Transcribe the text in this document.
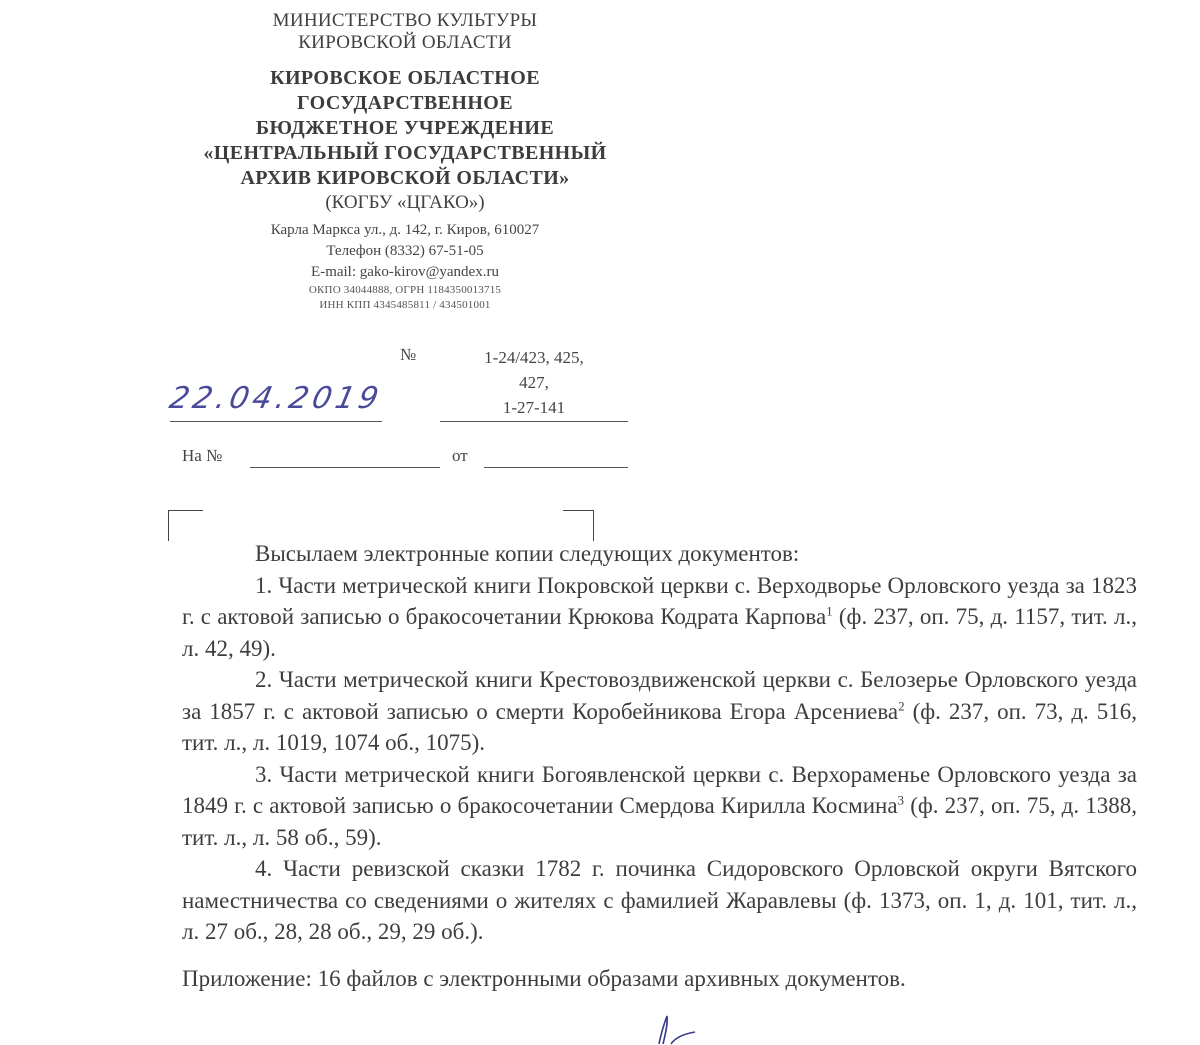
МИНИСТЕРСТВО КУЛЬТУРЫ
КИРОВСКОЙ ОБЛАСТИ
КИРОВСКОЕ ОБЛАСТНОЕ
ГОСУДАРСТВЕННОЕ
БЮДЖЕТНОЕ УЧРЕЖДЕНИЕ
«ЦЕНТРАЛЬНЫЙ ГОСУДАРСТВЕННЫЙ
АРХИВ КИРОВСКОЙ ОБЛАСТИ»
(КОГБУ «ЦГАКО»)
Карла Маркса ул., д. 142, г. Киров, 610027
Телефон (8332) 67-51-05
E-mail: gako-kirov@yandex.ru
ОКПО 34044888, ОГРН 1184350013715
ИНН КПП 4345485811 / 434501001
№	1-24/423, 425,
427,
1-27-141
22.04.2019
На №	от

Высылаем электронные копии следующих документов:

1. Части метрической книги Покровской церкви с. Верходворье Орловского уезда за 1823 г. с актовой записью о бракосочетании Крюкова Кодрата Карпова$^1$ (ф. 237, оп. 75, д. 1157, тит. л., л. 42, 49).

2. Части метрической книги Крестовоздвиженской церкви с. Белозерье Орловского уезда за 1857 г. с актовой записью о смерти Коробейникова Егора Арсениева$^2$ (ф. 237, оп. 73, д. 516, тит. л., л. 1019, 1074 об., 1075).

3. Части метрической книги Богоявленской церкви с. Верхораменье Орловского уезда за 1849 г. с актовой записью о бракосочетании Смердова Кирилла Космина$^3$ (ф. 237, оп. 75, д. 1388, тит. л., л. 58 об., 59).

4. Части ревизской сказки 1782 г. починка Сидоровского Орловской округи Вятского наместничества со сведениями о жителях с фамилией Жаравлевы (ф. 1373, оп. 1, д. 101, тит. л., л. 27 об., 28, 28 об., 29, 29 об.).

Приложение: 16 файлов с электронными образами архивных документов.
